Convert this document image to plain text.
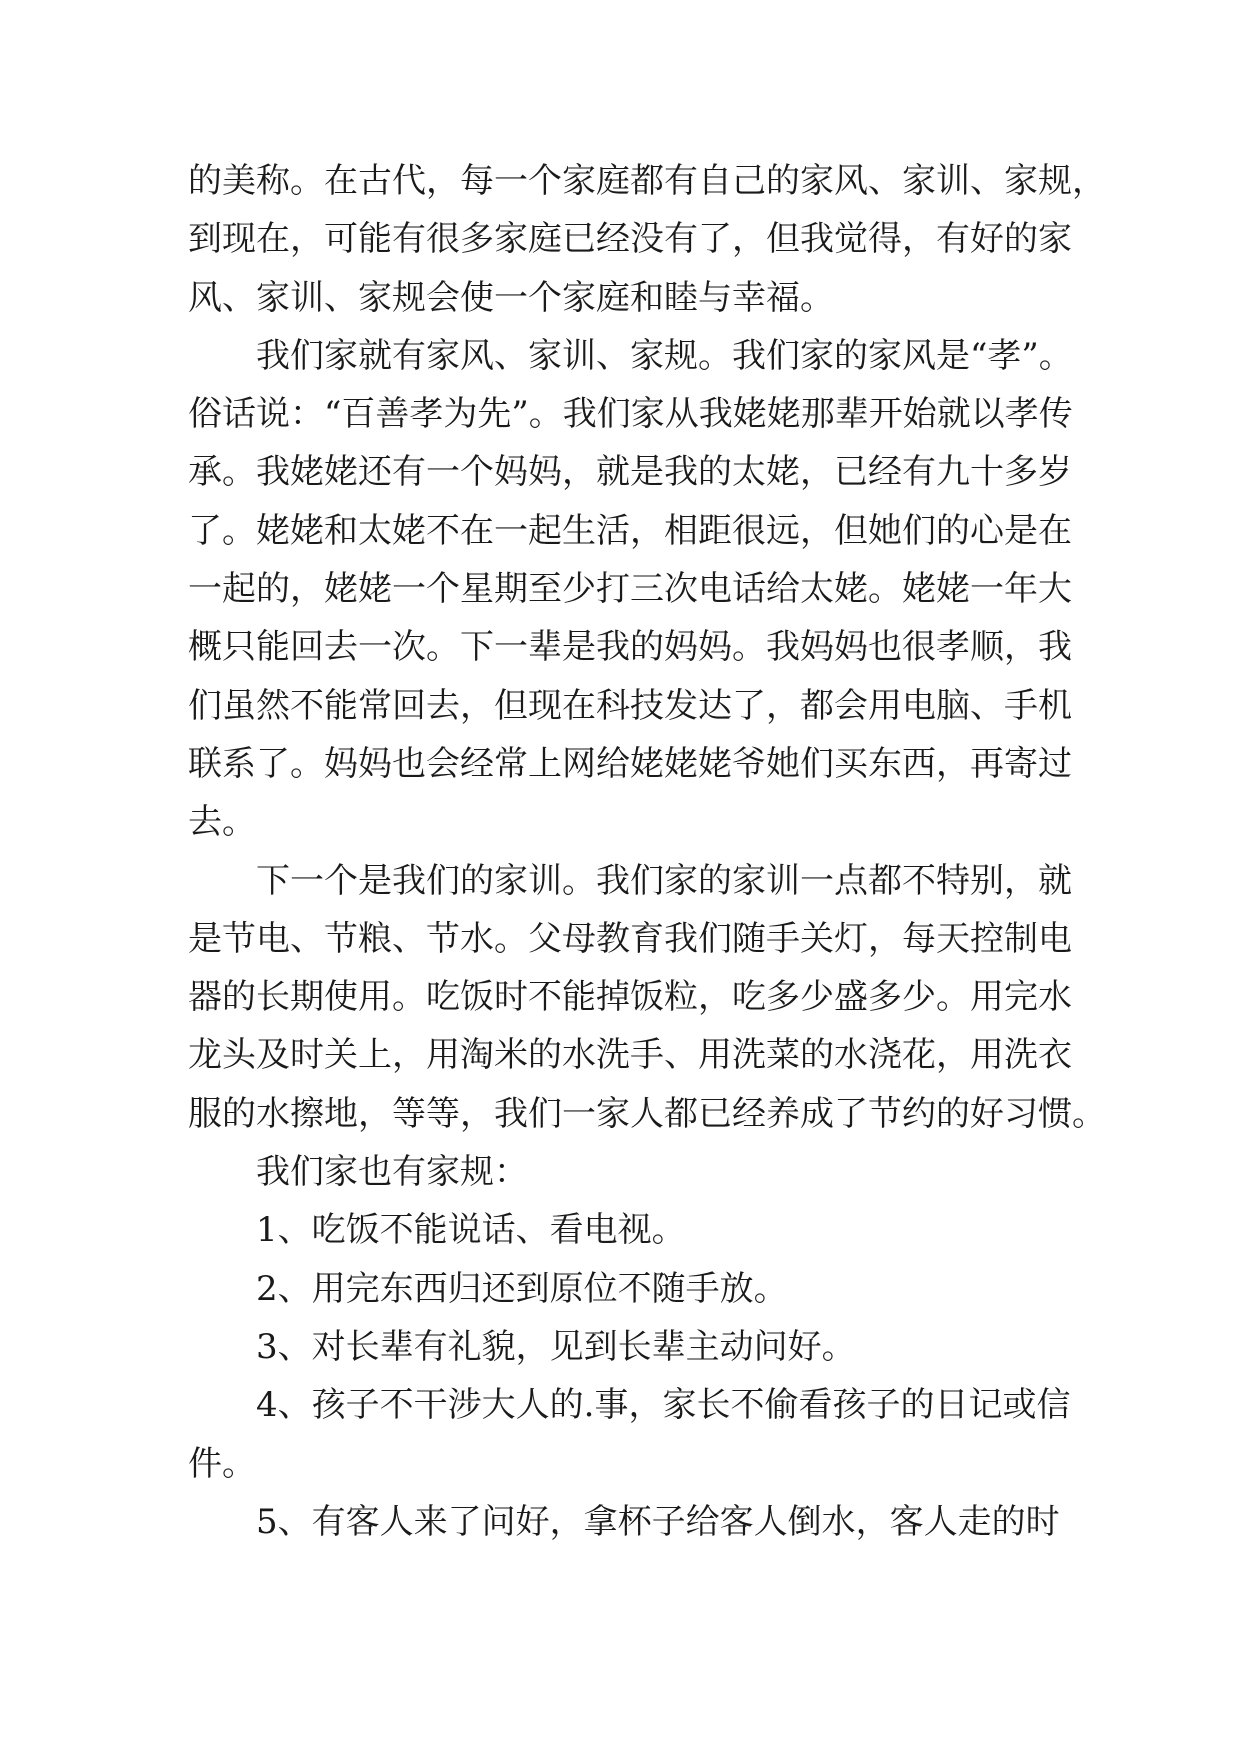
的美称。在古代，每一个家庭都有自己的家风、家训、家规，
到现在，可能有很多家庭已经没有了，但我觉得，有好的家
风、家训、家规会使一个家庭和睦与幸福。
我们家就有家风、家训、家规。我们家的家风是“孝”。
俗话说：“百善孝为先”。我们家从我姥姥那辈开始就以孝传
承。我姥姥还有一个妈妈，就是我的太姥，已经有九十多岁
了。姥姥和太姥不在一起生活，相距很远，但她们的心是在
一起的，姥姥一个星期至少打三次电话给太姥。姥姥一年大
概只能回去一次。下一辈是我的妈妈。我妈妈也很孝顺，我
们虽然不能常回去，但现在科技发达了，都会用电脑、手机
联系了。妈妈也会经常上网给姥姥姥爷她们买东西，再寄过
去。
下一个是我们的家训。我们家的家训一点都不特别，就
是节电、节粮、节水。父母教育我们随手关灯，每天控制电
器的长期使用。吃饭时不能掉饭粒，吃多少盛多少。用完水
龙头及时关上，用淘米的水洗手、用洗菜的水浇花，用洗衣
服的水擦地，等等，我们一家人都已经养成了节约的好习惯。
我们家也有家规：
1、吃饭不能说话、看电视。
2、用完东西归还到原位不随手放。
3、对长辈有礼貌，见到长辈主动问好。
4、孩子不干涉大人的.事，家长不偷看孩子的日记或信
件。
5、有客人来了问好，拿杯子给客人倒水，客人走的时
